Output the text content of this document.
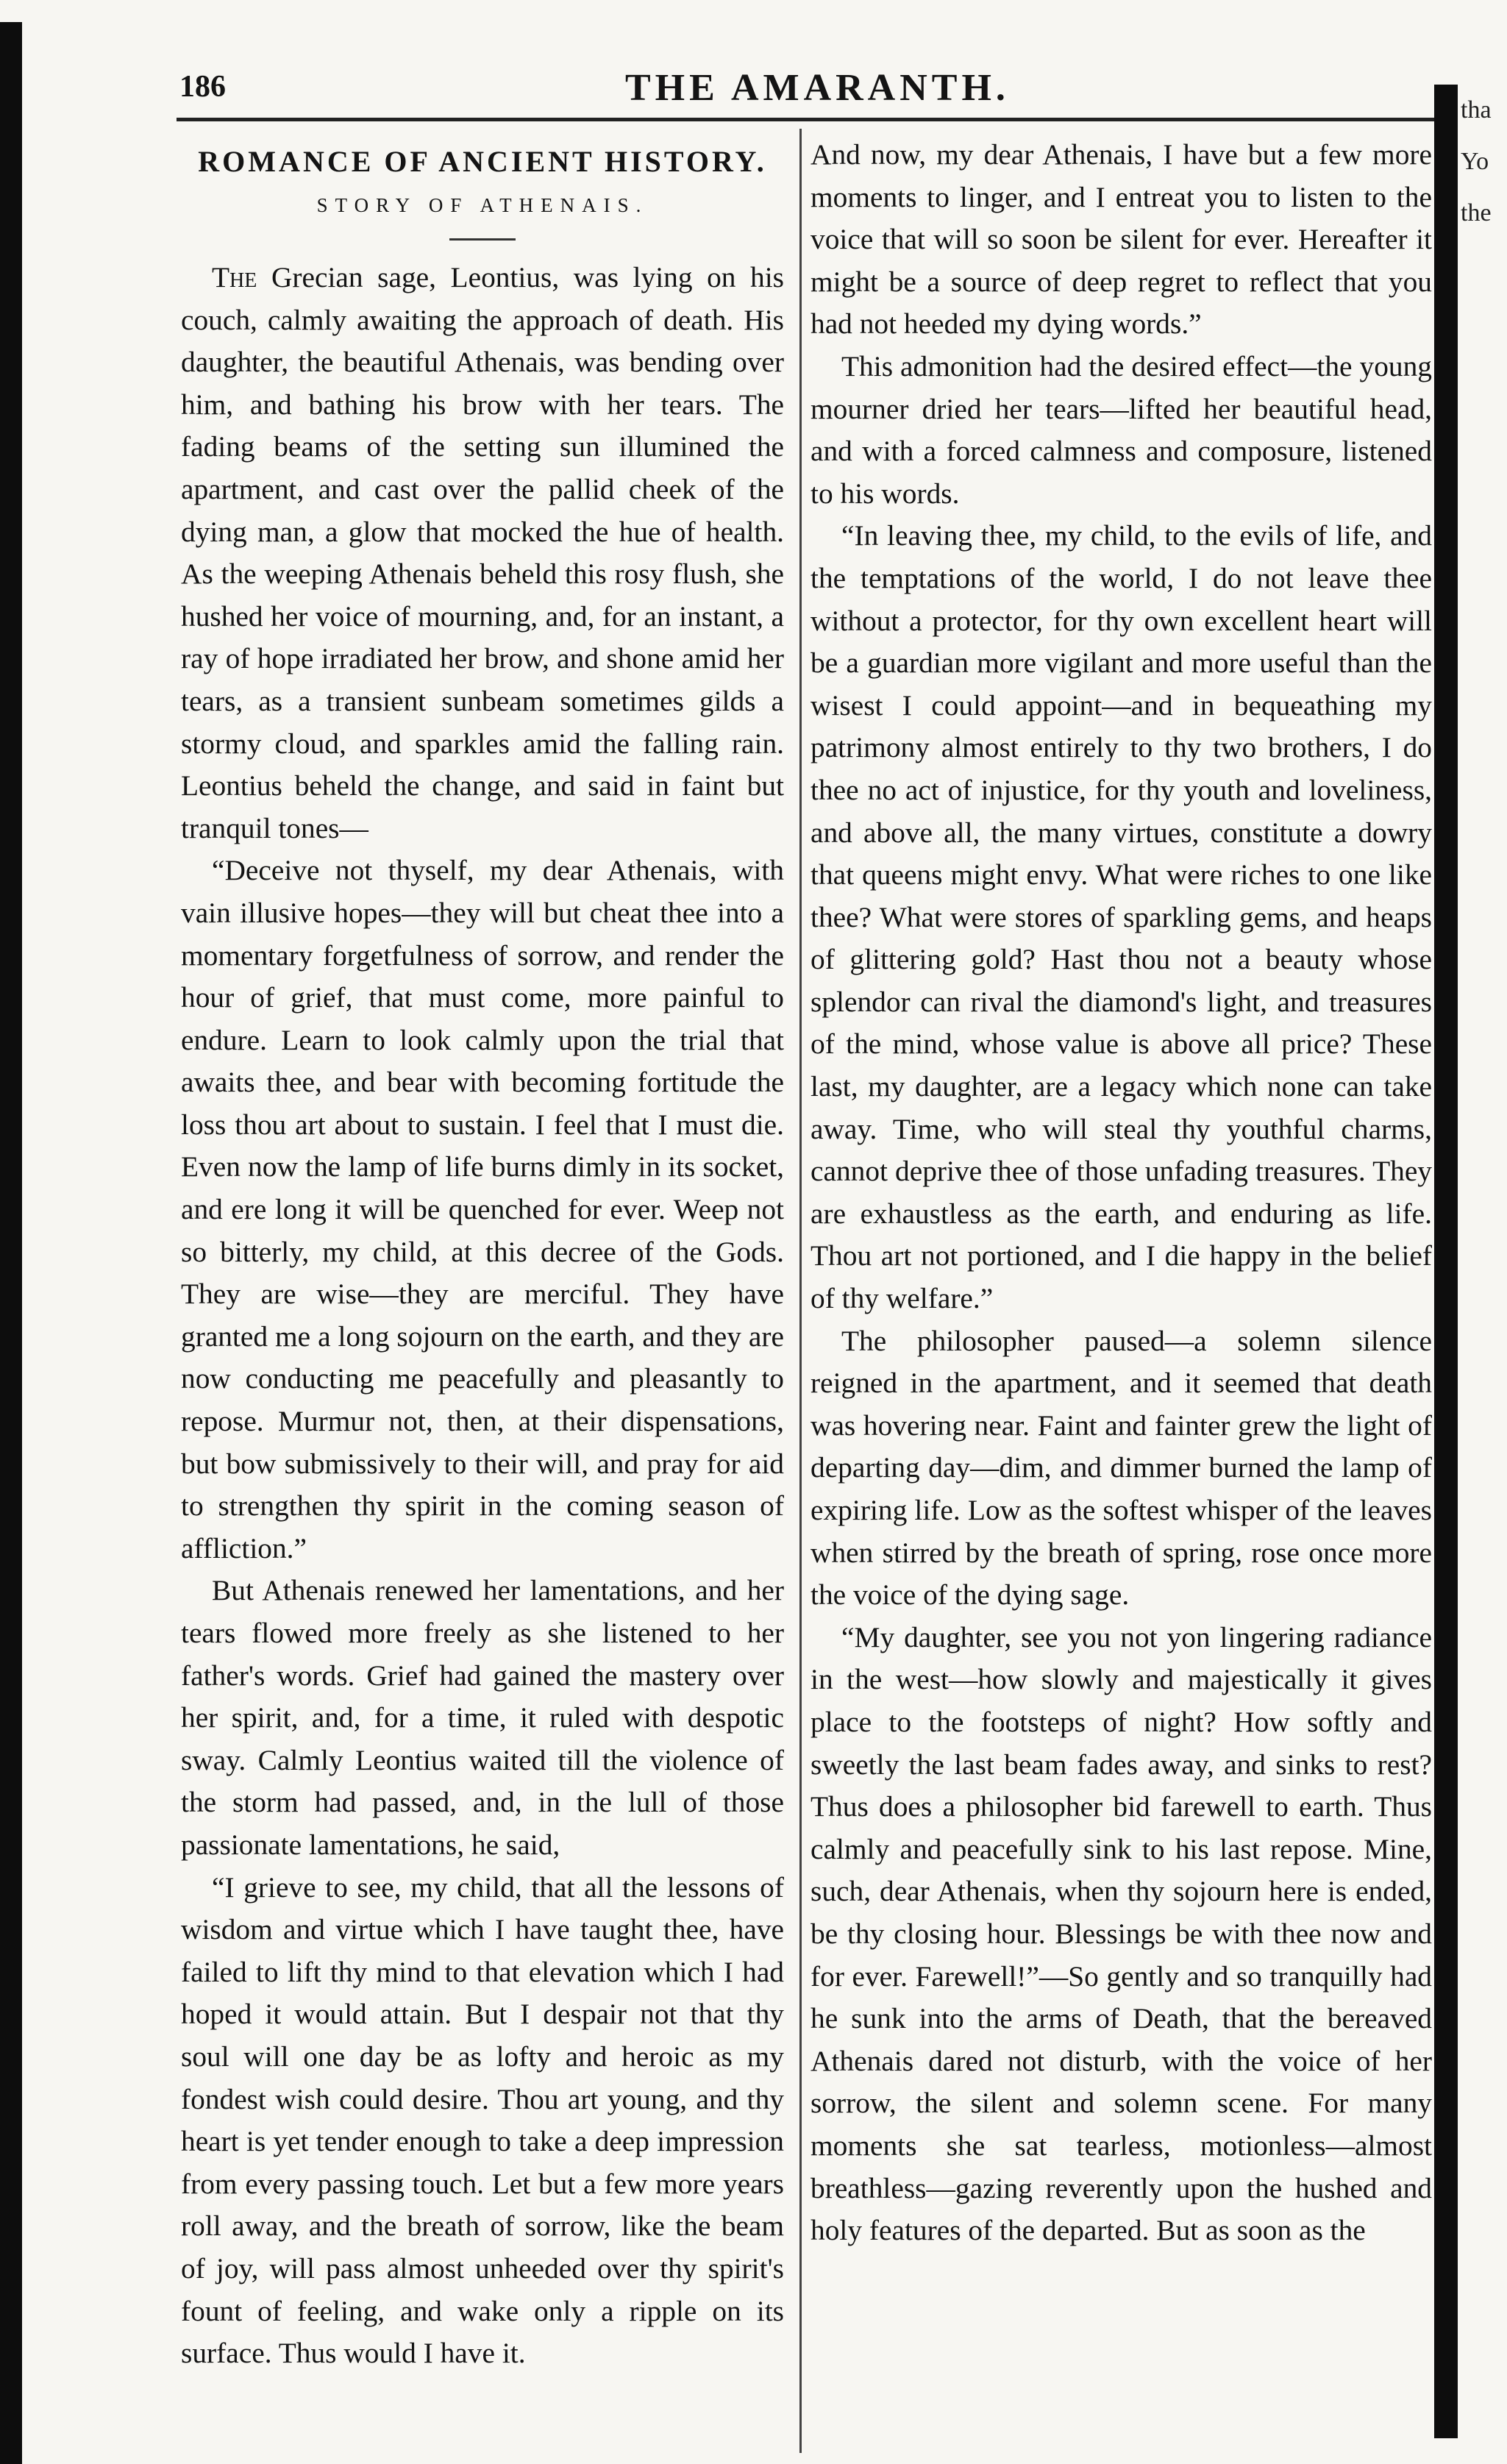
186	THE AMARANTH.
ROMANCE OF ANCIENT HISTORY.
STORY OF ATHENAIS.

The Grecian sage, Leontius, was lying on his couch, calmly awaiting the approach of death. His daughter, the beautiful Athenais, was bending over him, and bathing his brow with her tears. The fading beams of the setting sun illumined the apartment, and cast over the pallid cheek of the dying man, a glow that mocked the hue of health. As the weeping Athenais beheld this rosy flush, she hushed her voice of mourning, and, for an instant, a ray of hope irradiated her brow, and shone amid her tears, as a transient sunbeam sometimes gilds a stormy cloud, and sparkles amid the falling rain. Leontius beheld the change, and said in faint but tranquil tones—

“Deceive not thyself, my dear Athenais, with vain illusive hopes—they will but cheat thee into a momentary forgetfulness of sorrow, and render the hour of grief, that must come, more painful to endure. Learn to look calmly upon the trial that awaits thee, and bear with becoming fortitude the loss thou art about to sustain. I feel that I must die. Even now the lamp of life burns dimly in its socket, and ere long it will be quenched for ever. Weep not so bitterly, my child, at this decree of the Gods. They are wise—they are merciful. They have granted me a long sojourn on the earth, and they are now conducting me peacefully and pleasantly to repose. Murmur not, then, at their dispensations, but bow submissively to their will, and pray for aid to strengthen thy spirit in the coming season of affliction.”

But Athenais renewed her lamentations, and her tears flowed more freely as she listened to her father's words. Grief had gained the mastery over her spirit, and, for a time, it ruled with despotic sway. Calmly Leontius waited till the violence of the storm had passed, and, in the lull of those passionate lamentations, he said,

“I grieve to see, my child, that all the lessons of wisdom and virtue which I have taught thee, have failed to lift thy mind to that elevation which I had hoped it would attain. But I despair not that thy soul will one day be as lofty and heroic as my fondest wish could desire. Thou art young, and thy heart is yet tender enough to take a deep impression from every passing touch. Let but a few more years roll away, and the breath of sorrow, like the beam of joy, will pass almost unheeded over thy spirit's fount of feeling, and wake only a ripple on its surface. Thus would I have it.

And now, my dear Athenais, I have but a few more moments to linger, and I entreat you to listen to the voice that will so soon be silent for ever. Hereafter it might be a source of deep regret to reflect that you had not heeded my dying words.”

This admonition had the desired effect—the young mourner dried her tears—lifted her beautiful head, and with a forced calmness and composure, listened to his words.

“In leaving thee, my child, to the evils of life, and the temptations of the world, I do not leave thee without a protector, for thy own excellent heart will be a guardian more vigilant and more useful than the wisest I could appoint—and in bequeathing my patrimony almost entirely to thy two brothers, I do thee no act of injustice, for thy youth and loveliness, and above all, the many virtues, constitute a dowry that queens might envy. What were riches to one like thee? What were stores of sparkling gems, and heaps of glittering gold? Hast thou not a beauty whose splendor can rival the diamond's light, and treasures of the mind, whose value is above all price? These last, my daughter, are a legacy which none can take away. Time, who will steal thy youthful charms, cannot deprive thee of those unfading treasures. They are exhaustless as the earth, and enduring as life. Thou art not portioned, and I die happy in the belief of thy welfare.”

The philosopher paused—a solemn silence reigned in the apartment, and it seemed that death was hovering near. Faint and fainter grew the light of departing day—dim, and dimmer burned the lamp of expiring life. Low as the softest whisper of the leaves when stirred by the breath of spring, rose once more the voice of the dying sage.

“My daughter, see you not yon lingering radiance in the west—how slowly and majestically it gives place to the footsteps of night? How softly and sweetly the last beam fades away, and sinks to rest? Thus does a philosopher bid farewell to earth. Thus calmly and peacefully sink to his last repose. Mine, such, dear Athenais, when thy sojourn here is ended, be thy closing hour. Blessings be with thee now and for ever. Farewell!”—So gently and so tranquilly had he sunk into the arms of Death, that the bereaved Athenais dared not disturb, with the voice of her sorrow, the silent and solemn scene. For many moments she sat tearless, motionless—almost breathless—gazing reverently upon the hushed and holy features of the departed. But as soon as the

tha
Yo
the
